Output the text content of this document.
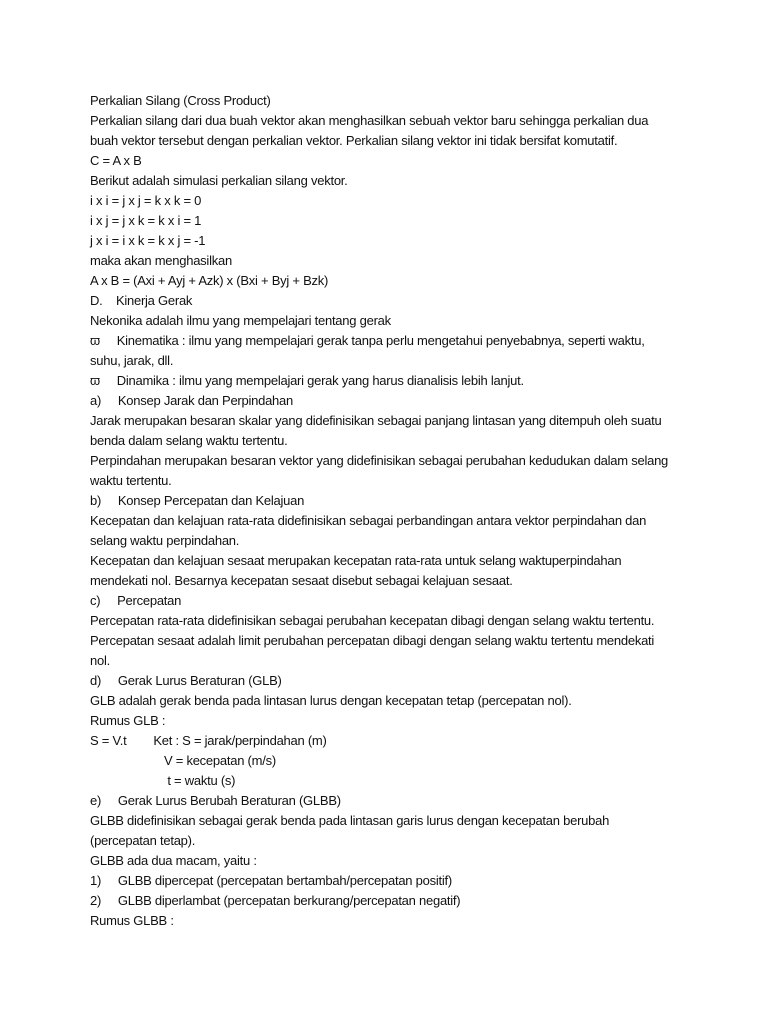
Perkalian Silang (Cross Product)
Perkalian silang dari dua buah vektor akan menghasilkan sebuah vektor baru sehingga perkalian dua
buah vektor tersebut dengan perkalian vektor. Perkalian silang vektor ini tidak bersifat komutatif.
C = A x B
Berikut adalah simulasi perkalian silang vektor.
i x i = j x j = k x k = 0
i x j = j x k = k x i = 1
j x i = i x k = k x j = -1
maka akan menghasilkan
A x B = (Axi + Ayj + Azk) x (Bxi + Byj + Bzk)
D.    Kinerja Gerak
Nekonika adalah ilmu yang mempelajari tentang gerak
ϖ     Kinematika : ilmu yang mempelajari gerak tanpa perlu mengetahui penyebabnya, seperti waktu,
suhu, jarak, dll.
ϖ     Dinamika : ilmu yang mempelajari gerak yang harus dianalisis lebih lanjut.
a)     Konsep Jarak dan Perpindahan
Jarak merupakan besaran skalar yang didefinisikan sebagai panjang lintasan yang ditempuh oleh suatu
benda dalam selang waktu tertentu.
Perpindahan merupakan besaran vektor yang didefinisikan sebagai perubahan kedudukan dalam selang
waktu tertentu.
b)     Konsep Percepatan dan Kelajuan
Kecepatan dan kelajuan rata-rata didefinisikan sebagai perbandingan antara vektor perpindahan dan
selang waktu perpindahan.
Kecepatan dan kelajuan sesaat merupakan kecepatan rata-rata untuk selang waktuperpindahan
mendekati nol. Besarnya kecepatan sesaat disebut sebagai kelajuan sesaat.
c)     Percepatan
Percepatan rata-rata didefinisikan sebagai perubahan kecepatan dibagi dengan selang waktu tertentu.
Percepatan sesaat adalah limit perubahan percepatan dibagi dengan selang waktu tertentu mendekati
nol.
d)     Gerak Lurus Beraturan (GLB)
GLB adalah gerak benda pada lintasan lurus dengan kecepatan tetap (percepatan nol).
Rumus GLB :
S = V.t        Ket : S = jarak/perpindahan (m)
V = kecepatan (m/s)
t = waktu (s)
e)     Gerak Lurus Berubah Beraturan (GLBB)
GLBB didefinisikan sebagai gerak benda pada lintasan garis lurus dengan kecepatan berubah
(percepatan tetap).
GLBB ada dua macam, yaitu :
1)     GLBB dipercepat (percepatan bertambah/percepatan positif)
2)     GLBB diperlambat (percepatan berkurang/percepatan negatif)
Rumus GLBB :
